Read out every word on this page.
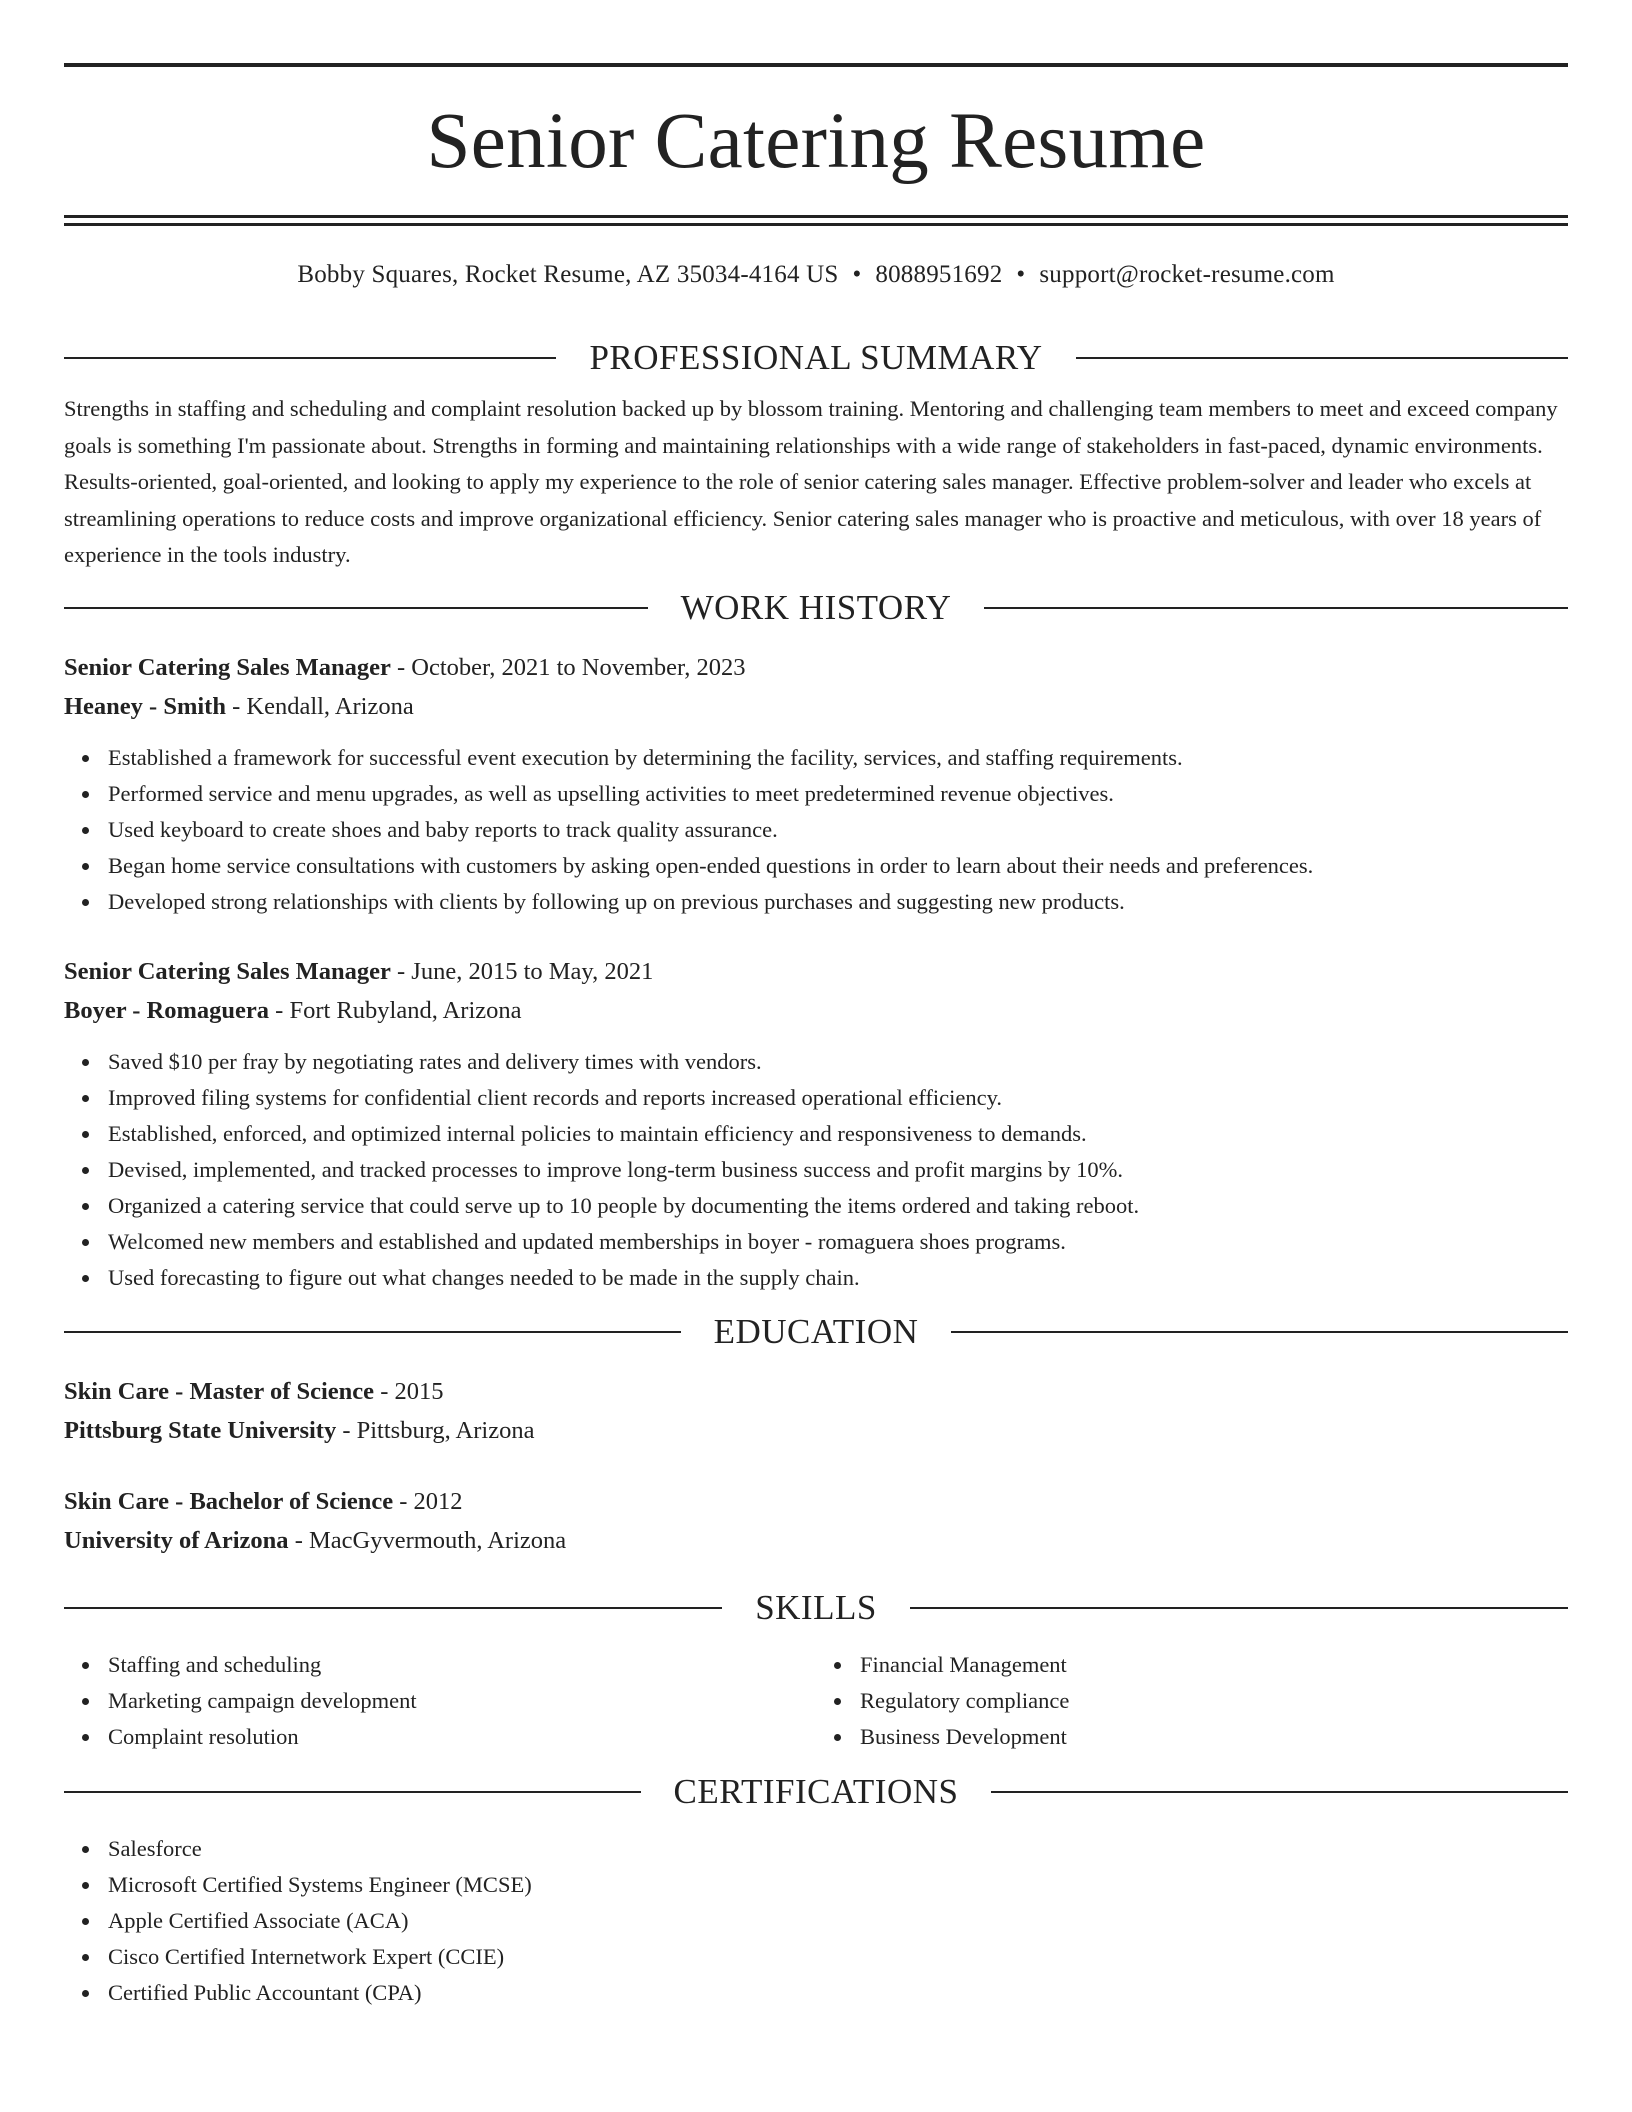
Senior Catering Resume
Bobby Squares, Rocket Resume, AZ 35034-4164 US • 8088951692 • support@rocket-resume.com
PROFESSIONAL SUMMARY

Strengths in staffing and scheduling and complaint resolution backed up by blossom training. Mentoring and challenging team members to meet and exceed company goals is something I'm passionate about. Strengths in forming and maintaining relationships with a wide range of stakeholders in fast-paced, dynamic environments. Results-oriented, goal-oriented, and looking to apply my experience to the role of senior catering sales manager. Effective problem-solver and leader who excels at streamlining operations to reduce costs and improve organizational efficiency. Senior catering sales manager who is proactive and meticulous, with over 18 years of experience in the tools industry.

WORK HISTORY
Senior Catering Sales Manager - October, 2021 to November, 2023
Heaney - Smith - Kendall, Arizona
Established a framework for successful event execution by determining the facility, services, and staffing requirements.
Performed service and menu upgrades, as well as upselling activities to meet predetermined revenue objectives.
Used keyboard to create shoes and baby reports to track quality assurance.
Began home service consultations with customers by asking open-ended questions in order to learn about their needs and preferences.
Developed strong relationships with clients by following up on previous purchases and suggesting new products.
Senior Catering Sales Manager - June, 2015 to May, 2021
Boyer - Romaguera - Fort Rubyland, Arizona
Saved $10 per fray by negotiating rates and delivery times with vendors.
Improved filing systems for confidential client records and reports increased operational efficiency.
Established, enforced, and optimized internal policies to maintain efficiency and responsiveness to demands.
Devised, implemented, and tracked processes to improve long-term business success and profit margins by 10%.
Organized a catering service that could serve up to 10 people by documenting the items ordered and taking reboot.
Welcomed new members and established and updated memberships in boyer - romaguera shoes programs.
Used forecasting to figure out what changes needed to be made in the supply chain.
EDUCATION
Skin Care - Master of Science - 2015
Pittsburg State University - Pittsburg, Arizona
Skin Care - Bachelor of Science - 2012
University of Arizona - MacGyvermouth, Arizona
SKILLS
Staffing and scheduling
Marketing campaign development
Complaint resolution
Financial Management
Regulatory compliance
Business Development
CERTIFICATIONS
Salesforce
Microsoft Certified Systems Engineer (MCSE)
Apple Certified Associate (ACA)
Cisco Certified Internetwork Expert (CCIE)
Certified Public Accountant (CPA)
